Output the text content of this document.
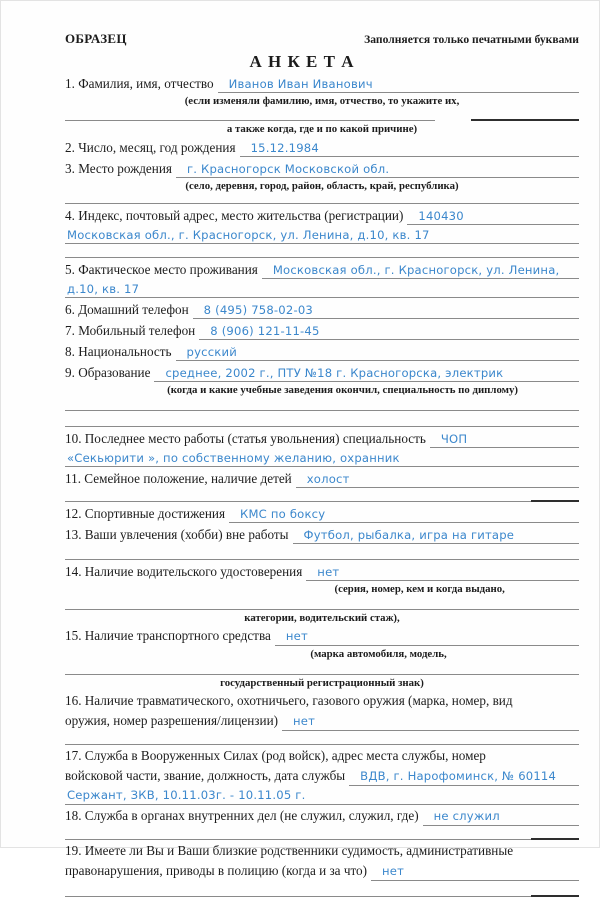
ОБРАЗЕЦ	Заполняется только печатными буквами
А Н К Е Т А
1. Фамилия, имя, отчество	Иванов Иван Иванович
(если изменяли фамилию, имя, отчество, то укажите их,
а также когда, где и по какой причине)
2. Число, месяц, год рождения	15.12.1984
3. Место рождения	г. Красногорск Московской обл.
(село, деревня, город, район, область, край, республика)
4. Индекс, почтовый адрес, место жительства (регистрации)	140430
Московская обл., г. Красногорск, ул. Ленина, д.10, кв. 17
5. Фактическое место проживания	Московская обл., г. Красногорск, ул. Ленина,
д.10, кв. 17
6. Домашний телефон	8 (495) 758-02-03
7. Мобильный телефон	8 (906) 121-11-45
8. Национальность	русский
9. Образование	среднее, 2002 г., ПТУ №18 г. Красногорска, электрик
(когда и какие учебные заведения окончил, специальность по диплому)
10. Последнее место работы (статья увольнения) специальность	ЧОП
«Секьюрити », по собственному желанию, охранник
11. Семейное положение, наличие детей	холост
12. Спортивные достижения	КМС по боксу
13. Ваши увлечения (хобби) вне работы	Футбол, рыбалка, игра на гитаре
14. Наличие водительского удостоверения	нет
(серия, номер, кем и когда выдано,
категории, водительский стаж),
15. Наличие транспортного средства	нет
(марка автомобиля, модель,
государственный регистрационный знак)
16. Наличие травматического, охотничьего, газового оружия (марка, номер, вид
оружия, номер разрешения/лицензии)	нет
17. Служба в Вооруженных Силах (род войск), адрес места службы, номер
войсковой части, звание, должность, дата службы	ВДВ, г. Нарофоминск, № 60114
Сержант, ЗКВ, 10.11.03г. - 10.11.05 г.
18. Служба в органах внутренних дел (не служил, служил, где)	не служил
19. Имеете ли Вы и Ваши близкие родственники судимость, административные
правонарушения, приводы в полицию (когда и за что)	нет
